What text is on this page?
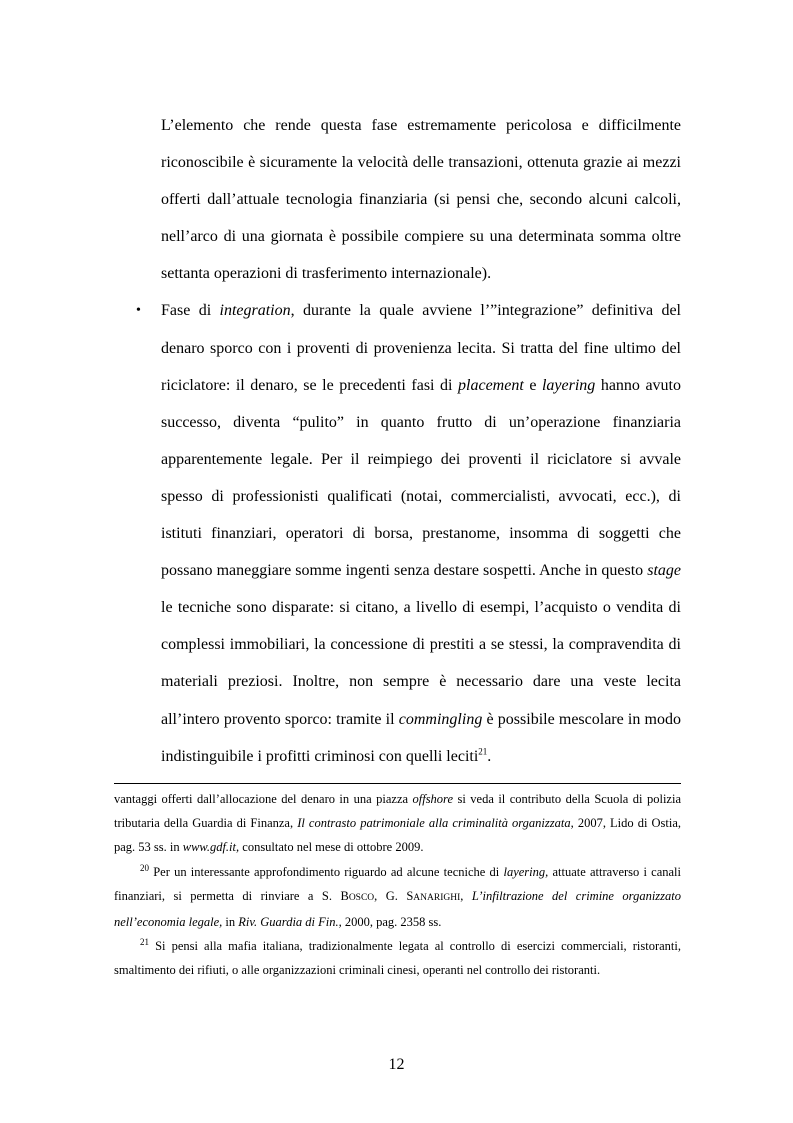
L’elemento che rende questa fase estremamente pericolosa e difficilmente riconoscibile è sicuramente la velocità delle transazioni, ottenuta grazie ai mezzi offerti dall’attuale tecnologia finanziaria (si pensi che, secondo alcuni calcoli, nell’arco di una giornata è possibile compiere su una determinata somma oltre settanta operazioni di trasferimento internazionale).

• Fase di integration, durante la quale avviene l’”integrazione” definitiva del denaro sporco con i proventi di provenienza lecita. Si tratta del fine ultimo del riciclatore: il denaro, se le precedenti fasi di placement e layering hanno avuto successo, diventa “pulito” in quanto frutto di un’operazione finanziaria apparentemente legale. Per il reimpiego dei proventi il riciclatore si avvale spesso di professionisti qualificati (notai, commercialisti, avvocati, ecc.), di istituti finanziari, operatori di borsa, prestanome, insomma di soggetti che possano maneggiare somme ingenti senza destare sospetti. Anche in questo stage le tecniche sono disparate: si citano, a livello di esempi, l’acquisto o vendita di complessi immobiliari, la concessione di prestiti a se stessi, la compravendita di materiali preziosi. Inoltre, non sempre è necessario dare una veste lecita all’intero provento sporco: tramite il commingling è possibile mescolare in modo indistinguibile i profitti criminosi con quelli leciti$^{21}$.

vantaggi offerti dall’allocazione del denaro in una piazza offshore si veda il contributo della Scuola di polizia tributaria della Guardia di Finanza, Il contrasto patrimoniale alla criminalità organizzata, 2007, Lido di Ostia, pag. 53 ss. in www.gdf.it, consultato nel mese di ottobre 2009.

$^{20}$ Per un interessante approfondimento riguardo ad alcune tecniche di layering, attuate attraverso i canali finanziari, si permetta di rinviare a S. BOSCO, G. SANARIGHI, L’infiltrazione del crimine organizzato nell’economia legale, in Riv. Guardia di Fin., 2000, pag. 2358 ss.

$^{21}$ Si pensi alla mafia italiana, tradizionalmente legata al controllo di esercizi commerciali, ristoranti, smaltimento dei rifiuti, o alle organizzazioni criminali cinesi, operanti nel controllo dei ristoranti.

12
